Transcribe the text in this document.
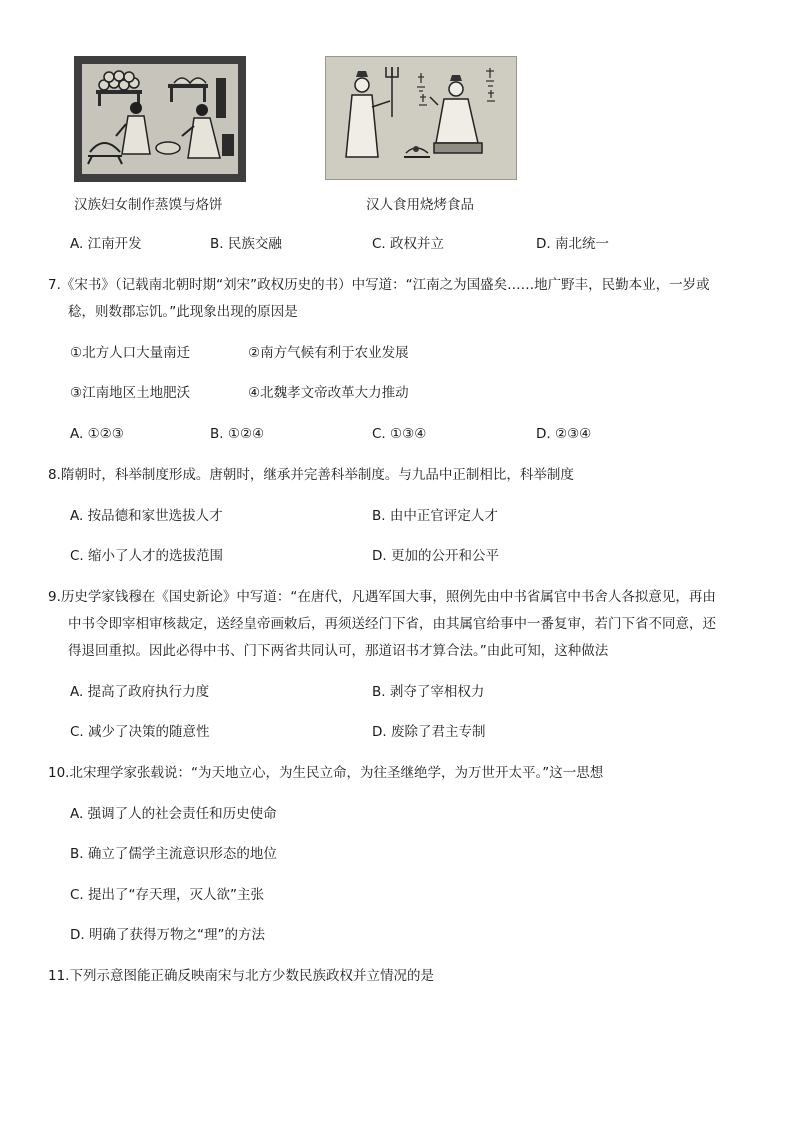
汉族妇女制作蒸馍与烙饼	汉人食用烧烤食品
A. 江南开发	B. 民族交融	C. 政权并立	D. 南北统一
7.《宋书》（记载南北朝时期“刘宋”政权历史的书）中写道：“江南之为国盛矣……地广野丰，民勤本业，一岁或
稔，则数郡忘饥。”此现象出现的原因是
①北方人口大量南迁	②南方气候有利于农业发展
③江南地区土地肥沃	④北魏孝文帝改革大力推动
A. ①②③	B. ①②④	C. ①③④	D. ②③④
8.隋朝时，科举制度形成。唐朝时，继承并完善科举制度。与九品中正制相比，科举制度
A. 按品德和家世选拔人才	B. 由中正官评定人才
C. 缩小了人才的选拔范围	D. 更加的公开和公平
9.历史学家钱穆在《国史新论》中写道：“在唐代，凡遇军国大事，照例先由中书省属官中书舍人各拟意见，再由
中书令即宰相审核裁定，送经皇帝画敕后，再须送经门下省，由其属官给事中一番复审，若门下省不同意，还
得退回重拟。因此必得中书、门下两省共同认可，那道诏书才算合法。”由此可知，这种做法
A. 提高了政府执行力度	B. 剥夺了宰相权力
C. 减少了决策的随意性	D. 废除了君主专制
10.北宋理学家张载说：“为天地立心，为生民立命，为往圣继绝学，为万世开太平。”这一思想
A. 强调了人的社会责任和历史使命
B. 确立了儒学主流意识形态的地位
C. 提出了“存天理，灭人欲”主张
D. 明确了获得万物之“理”的方法
11.下列示意图能正确反映南宋与北方少数民族政权并立情况的是
